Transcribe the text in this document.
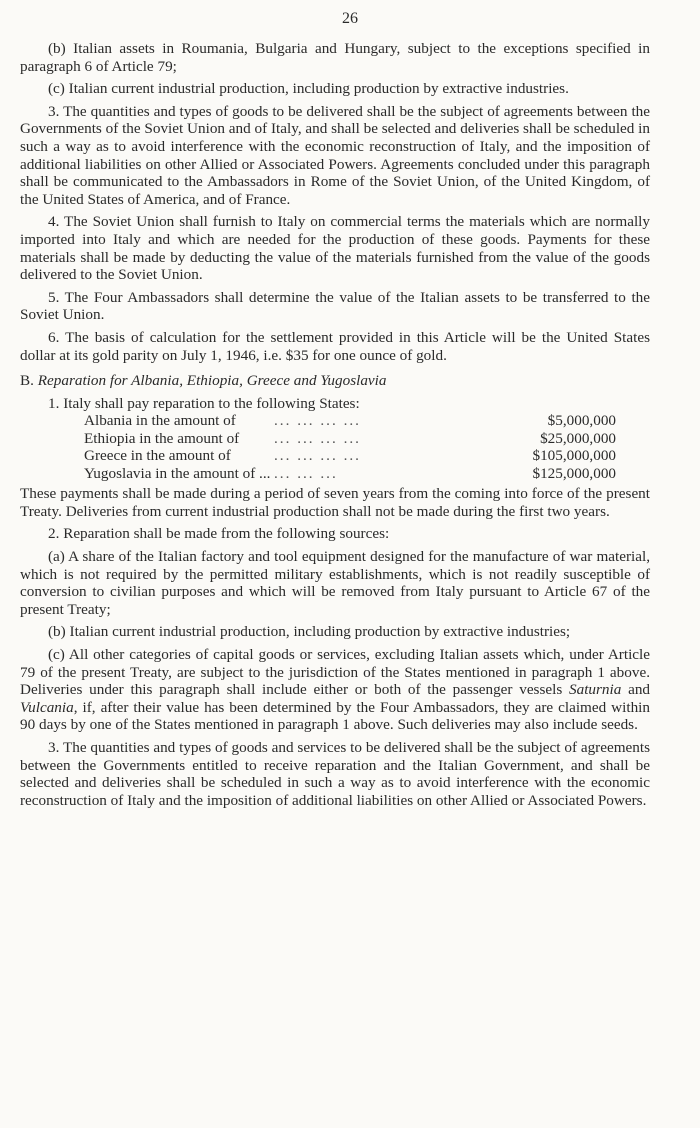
26

(b) Italian assets in Roumania, Bulgaria and Hungary, subject to the exceptions specified in paragraph 6 of Article 79;

(c) Italian current industrial production, including production by extractive industries.

3. The quantities and types of goods to be delivered shall be the subject of agreements between the Governments of the Soviet Union and of Italy, and shall be selected and deliveries shall be scheduled in such a way as to avoid interference with the economic reconstruction of Italy, and the imposition of additional liabilities on other Allied or Associated Powers. Agreements concluded under this paragraph shall be communicated to the Ambassadors in Rome of the Soviet Union, of the United Kingdom, of the United States of America, and of France.

4. The Soviet Union shall furnish to Italy on commercial terms the materials which are normally imported into Italy and which are needed for the production of these goods. Payments for these materials shall be made by deducting the value of the materials furnished from the value of the goods delivered to the Soviet Union.

5. The Four Ambassadors shall determine the value of the Italian assets to be transferred to the Soviet Union.

6. The basis of calculation for the settlement provided in this Article will be the United States dollar at its gold parity on July 1, 1946, i.e. $35 for one ounce of gold.

B. Reparation for Albania, Ethiopia, Greece and Yugoslavia

1. Italy shall pay reparation to the following States:

Albania in the amount of	... ... ... ...	$5,000,000
Ethiopia in the amount of	... ... ... ...	$25,000,000
Greece in the amount of	... ... ... ...	$105,000,000
Yugoslavia in the amount of ... ... ... ...	$125,000,000

These payments shall be made during a period of seven years from the coming into force of the present Treaty. Deliveries from current industrial production shall not be made during the first two years.

2. Reparation shall be made from the following sources:

(a) A share of the Italian factory and tool equipment designed for the manufacture of war material, which is not required by the permitted military establishments, which is not readily susceptible of conversion to civilian purposes and which will be removed from Italy pursuant to Article 67 of the present Treaty;

(b) Italian current industrial production, including production by extractive industries;

(c) All other categories of capital goods or services, excluding Italian assets which, under Article 79 of the present Treaty, are subject to the jurisdiction of the States mentioned in paragraph 1 above. Deliveries under this paragraph shall include either or both of the passenger vessels Saturnia and Vulcania, if, after their value has been determined by the Four Ambassadors, they are claimed within 90 days by one of the States mentioned in paragraph 1 above. Such deliveries may also include seeds.

3. The quantities and types of goods and services to be delivered shall be the subject of agreements between the Governments entitled to receive reparation and the Italian Government, and shall be selected and deliveries shall be scheduled in such a way as to avoid interference with the economic reconstruction of Italy and the imposition of additional liabilities on other Allied or Associated Powers.
